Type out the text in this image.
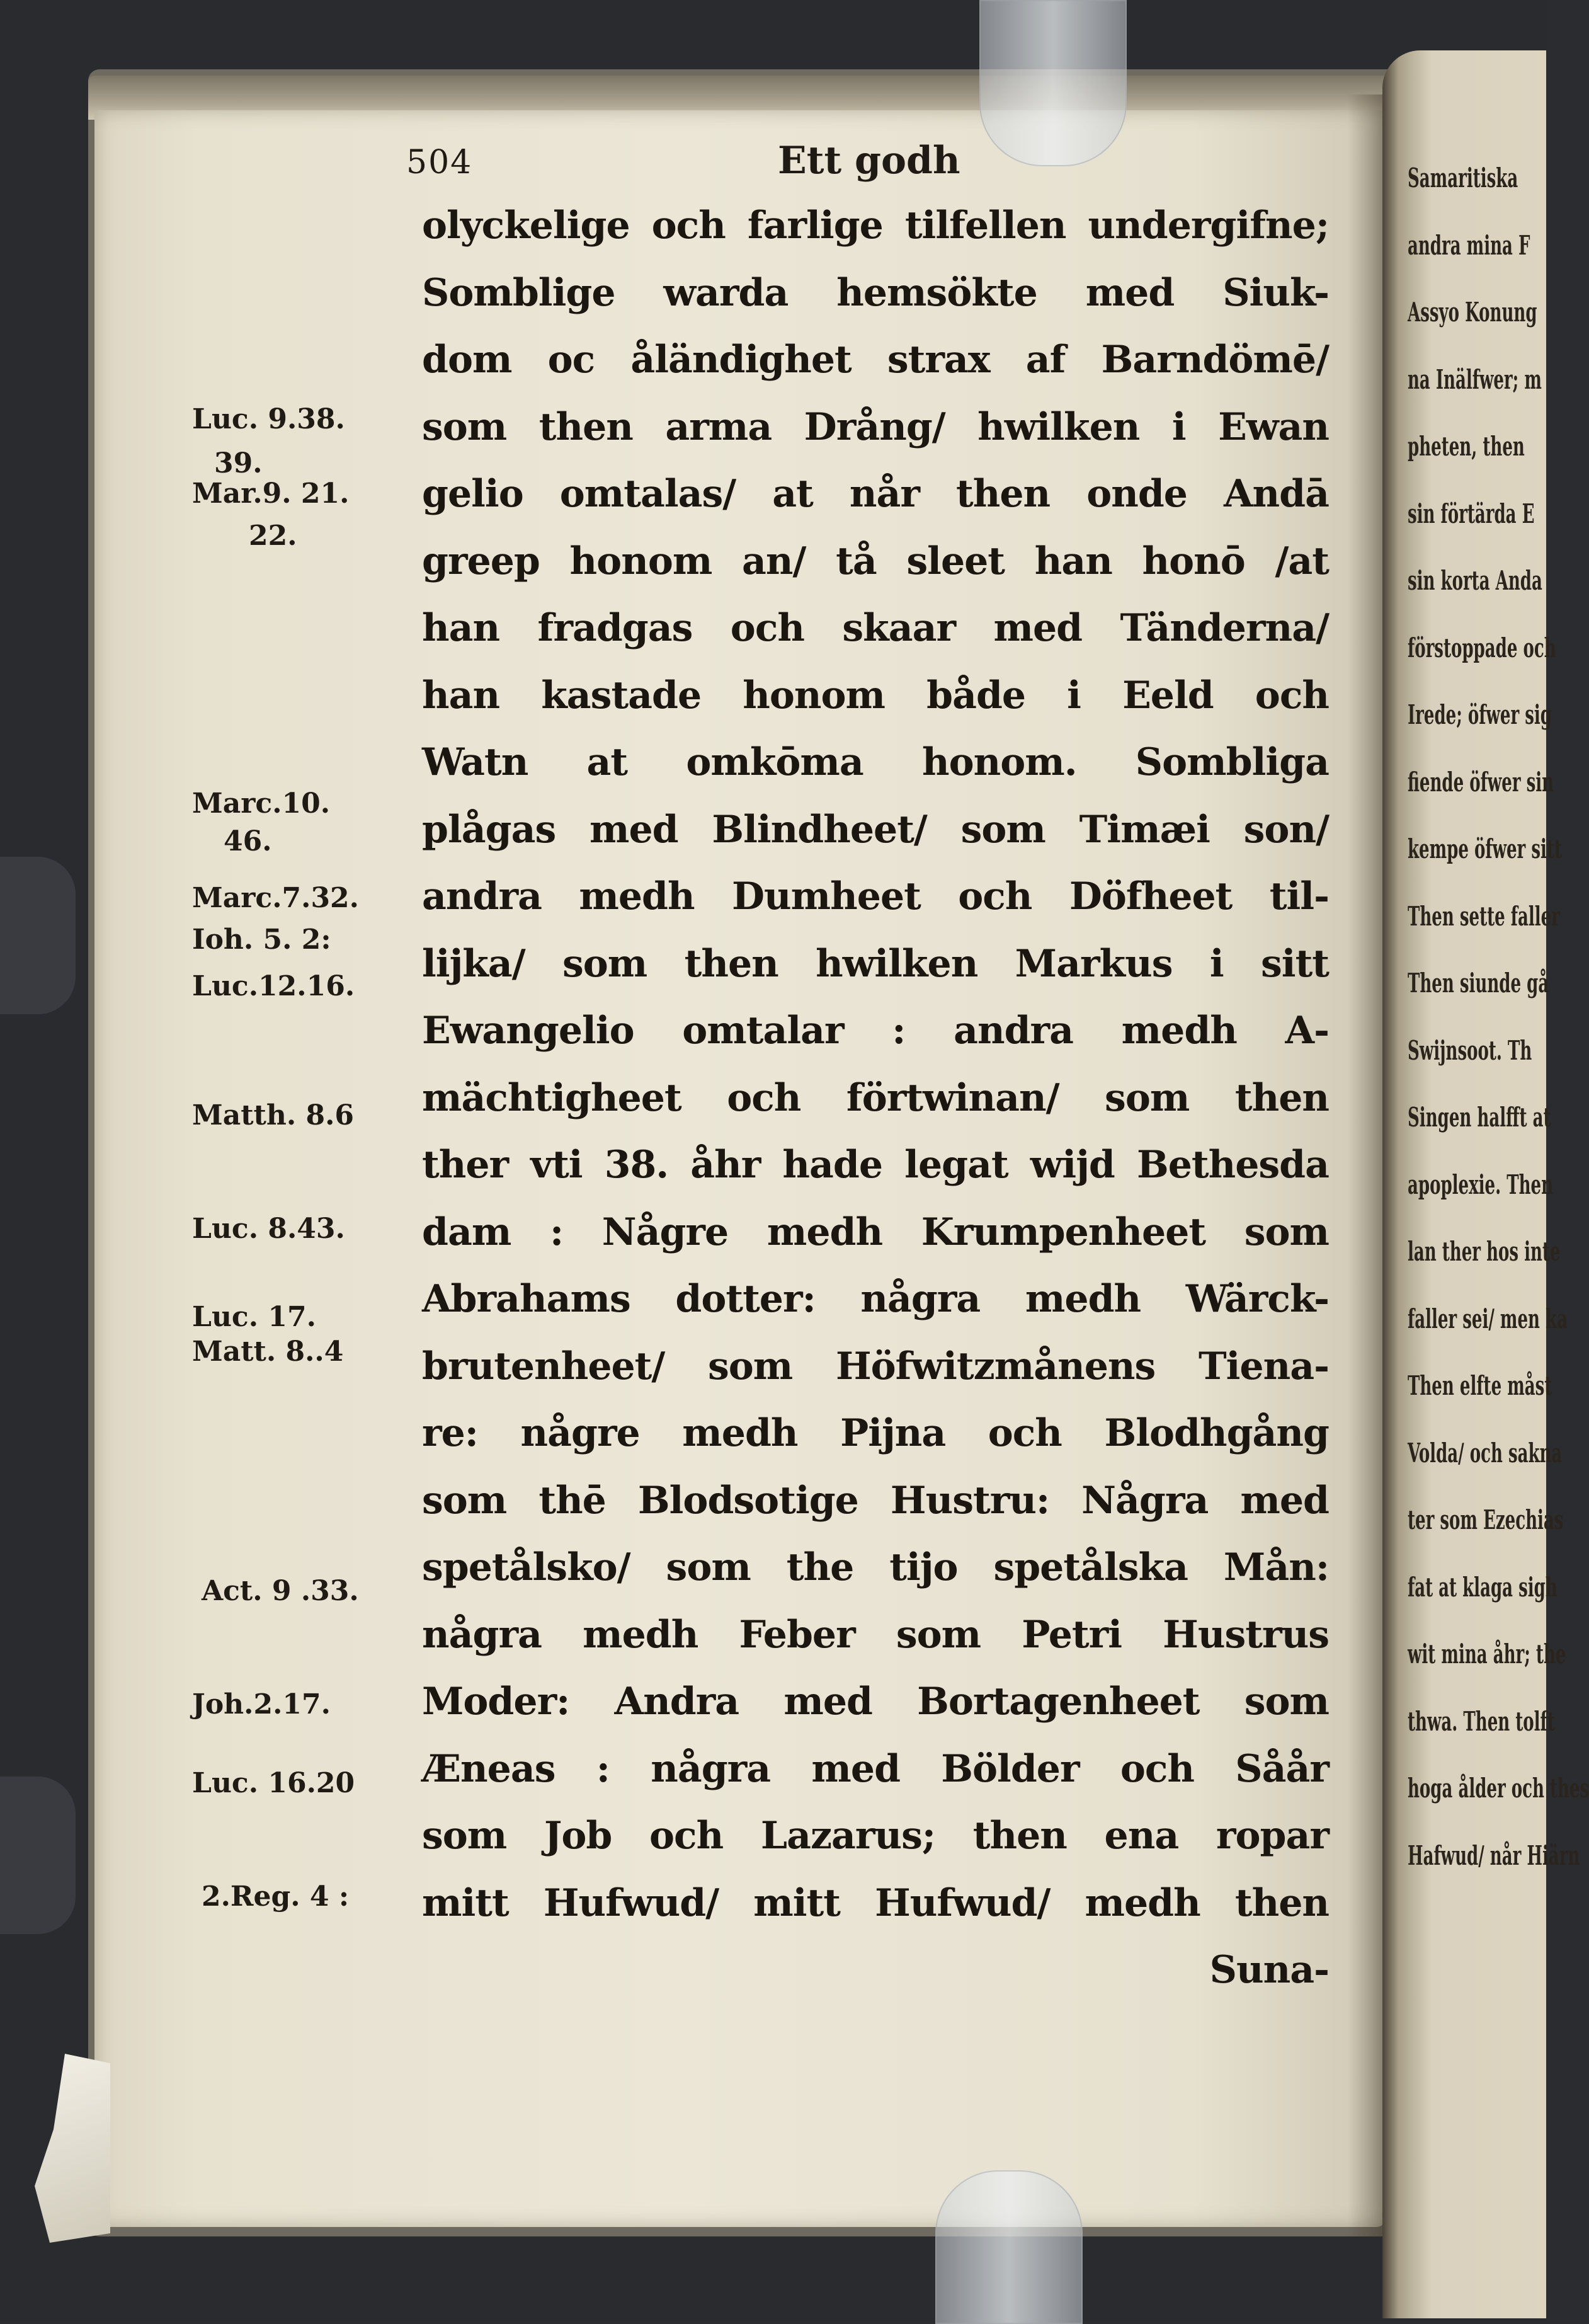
Samaritiska
andra mina F
Assyo Konung
na Inälfwer; m
pheten, then
sin förtärda E
sin korta Anda
förstoppade och
Irede; öfwer sig
fiende öfwer sin
kempe öfwer sitt
Then sette faller
Then siunde gå
Swijnsoot. Th
Singen halfft at
apoplexie. Then
lan ther hos inte
faller sei/ men ka
Then elfte måst
Volda/ och sakna
ter som Ezechias
fat at klaga sigh
wit mina åhr; the
thwa. Then tolft
hoga ålder och thes
Hafwud/ når Hiärn
504	Ett godh
olyckelige och farlige tilfellen undergifne;
Somblige warda hemsökte med Siuk-
dom oc åländighet strax af Barndömē/
som then arma Drång/ hwilken i Ewan
gelio omtalas/ at når then onde Andā
greep honom an/ tå sleet han honō /at
han fradgas och skaar med Tänderna/
han kastade honom både i Eeld och
Watn at omkōma honom. Sombliga
plågas med Blindheet/ som Timæi son/
andra medh Dumheet och Döfheet til-
lijka/ som then hwilken Markus i sitt
Ewangelio omtalar : andra medh A-
mächtigheet och förtwinan/ som then
ther vti 38. åhr hade legat wijd Bethesda
dam : Någre medh Krumpenheet som
Abrahams dotter: några medh Wärck-
brutenheet/ som Höfwitzmånens Tiena-
re: någre medh Pijna och Blodhgång
som thē Blodsotige Hustru: Några med
spetålsko/ som the tijo spetålska Mån:
några medh Feber som Petri Hustrus
Moder: Andra med Bortagenheet som
Æneas : några med Bölder och Såår
som Job och Lazarus; then ena ropar
mitt Hufwud/ mitt Hufwud/ medh then
Suna-
Luc. 9.38.
39.
Mar.9. 21.
22.
Marc.10.
46.
Marc.7.32.
Ioh. 5. 2:
Luc.12.16.
Matth. 8.6
Luc. 8.43.
Luc. 17.
Matt. 8..4
Act. 9 .33.
Joh.2.17.
Luc. 16.20
2.Reg. 4 :
